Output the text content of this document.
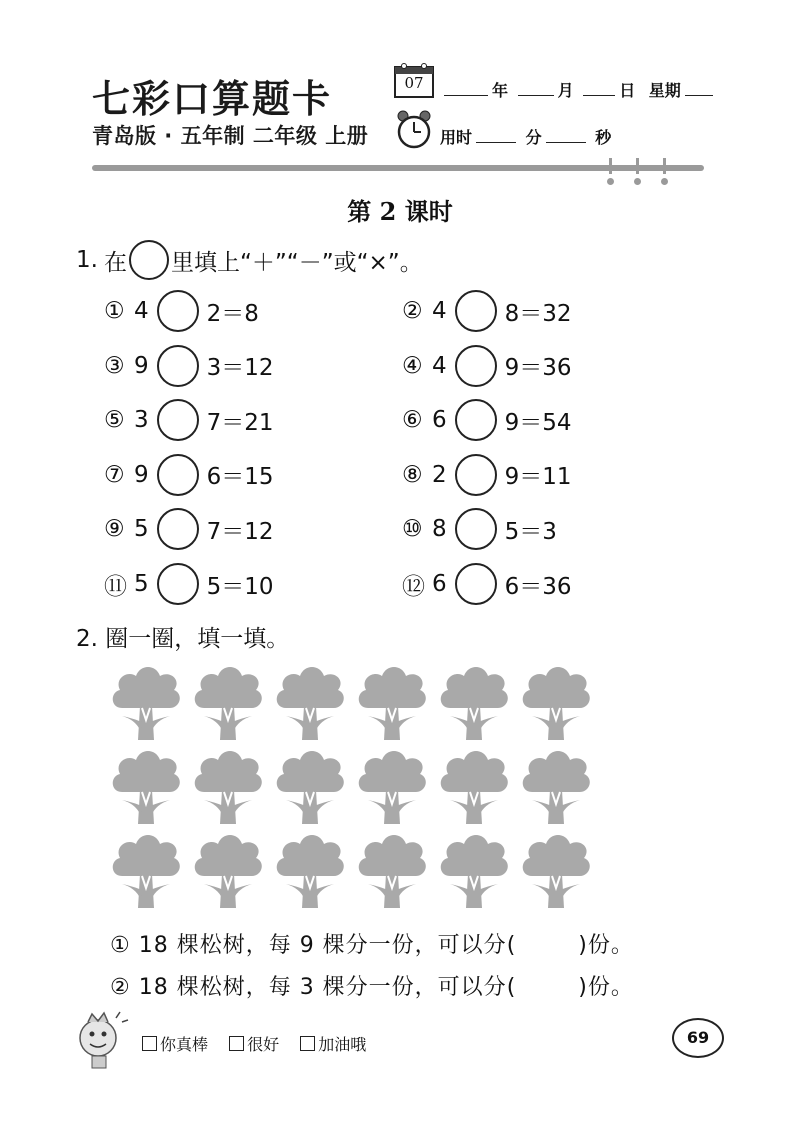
七彩口算题卡
青岛版 · 五年制 二年级 上册
07	年	月	日 星期
用时	分	秒
第 2 课时
1. 在 里填上“＋”“－”或“×”。
① 4	2＝8	② 4	8＝32
③ 9	3＝12	④ 4	9＝36
⑤ 3	7＝21	⑥ 6	9＝54
⑦ 9	6＝15	⑧ 2	9＝11
⑨ 5	7＝12	⑩ 8	5＝3
⑪ 5	5＝10	⑫ 6	6＝36
2. 圈一圈，填一填。
① 18 棵松树，每 9 棵分一份，可以分(	)份。
② 18 棵松树，每 3 棵分一份，可以分(	)份。
你真棒 很好 加油哦	69
